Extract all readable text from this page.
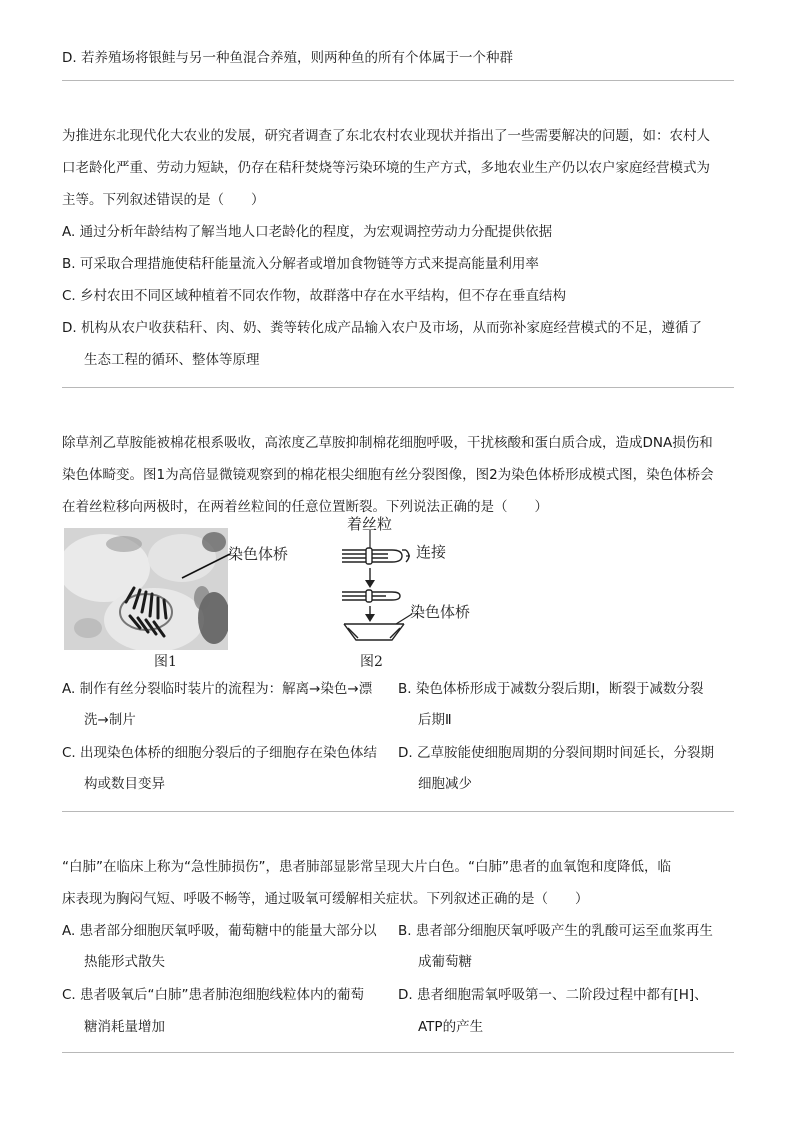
D. 若养殖场将银鲑与另一种鱼混合养殖，则两种鱼的所有个体属于一个种群
为推进东北现代化大农业的发展，研究者调查了东北农村农业现状并指出了一些需要解决的问题，如：农村人
口老龄化严重、劳动力短缺，仍存在秸秆焚烧等污染环境的生产方式，多地农业生产仍以农户家庭经营模式为
主等。下列叙述错误的是（　　）
A. 通过分析年龄结构了解当地人口老龄化的程度，为宏观调控劳动力分配提供依据
B. 可采取合理措施使秸秆能量流入分解者或增加食物链等方式来提高能量利用率
C. 乡村农田不同区域种植着不同农作物，故群落中存在水平结构，但不存在垂直结构
D. 机构从农户收获秸秆、肉、奶、粪等转化成产品输入农户及市场，从而弥补家庭经营模式的不足，遵循了
生态工程的循环、整体等原理
除草剂乙草胺能被棉花根系吸收，高浓度乙草胺抑制棉花细胞呼吸，干扰核酸和蛋白质合成，造成DNA损伤和
染色体畸变。图1为高倍显微镜观察到的棉花根尖细胞有丝分裂图像，图2为染色体桥形成模式图，染色体桥会
在着丝粒移向两极时，在两着丝粒间的任意位置断裂。下列说法正确的是（　　）
染色体桥
图1
着丝粒
连接
染色体桥
图2
A. 制作有丝分裂临时装片的流程为：解离→染色→漂
洗→制片
B. 染色体桥形成于减数分裂后期Ⅰ，断裂于减数分裂
后期Ⅱ
C. 出现染色体桥的细胞分裂后的子细胞存在染色体结
构或数目变异
D. 乙草胺能使细胞周期的分裂间期时间延长，分裂期
细胞减少
“白肺”在临床上称为“急性肺损伤”，患者肺部显影常呈现大片白色。“白肺”患者的血氧饱和度降低，临
床表现为胸闷气短、呼吸不畅等，通过吸氧可缓解相关症状。下列叙述正确的是（　　）
A. 患者部分细胞厌氧呼吸，葡萄糖中的能量大部分以
热能形式散失
B. 患者部分细胞厌氧呼吸产生的乳酸可运至血浆再生
成葡萄糖
C. 患者吸氧后“白肺”患者肺泡细胞线粒体内的葡萄
糖消耗量增加
D. 患者细胞需氧呼吸第一、二阶段过程中都有[H]、
ATP的产生
